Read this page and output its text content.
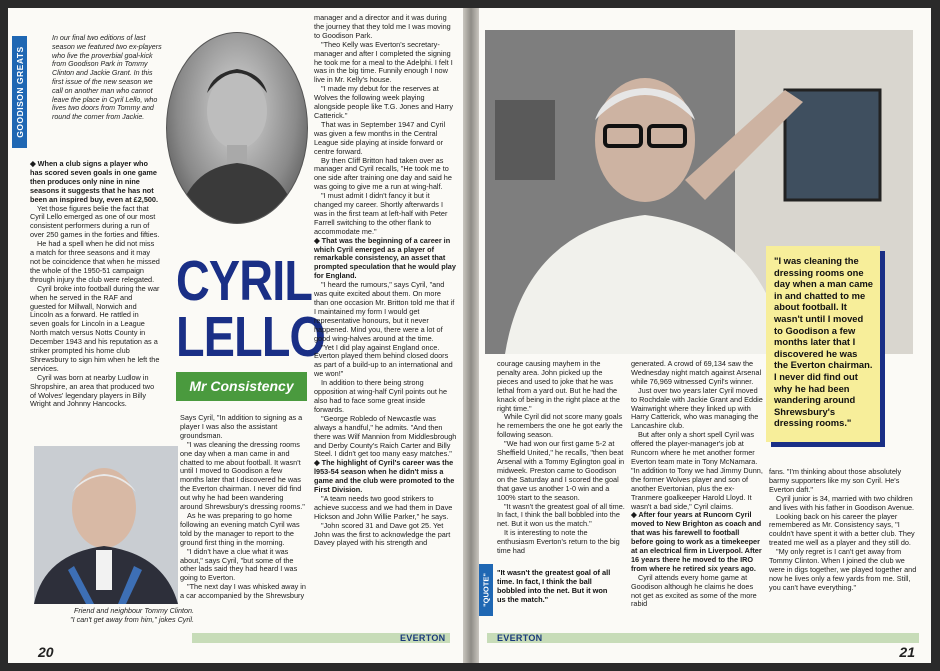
GOODISON GREATS
In our final two editions of last season we featured two ex-players who live the proverbial goal-kick from Goodison Park in Tommy Clinton and Jackie Grant. In this first issue of the new season we call on another man who cannot leave the place in Cyril Lello, who lives two doors from Tommy and round the corner from Jackie.
CYRIL
LELLO
Mr Consistency

◆ When a club signs a player who has scored seven goals in one game then produces only nine in nine seasons it suggests that he has not been an inspired buy, even at £2,500.

Yet those figures belie the fact that Cyril Lello emerged as one of our most consistent performers during a run of over 250 games in the forties and fifties.

He had a spell when he did not miss a match for three seasons and it may not be coincidence that when he missed the whole of the 1950-51 campaign through injury the club were relegated.

Cyril broke into football during the war when he served in the RAF and guested for Millwall, Norwich and Lincoln as a forward. He rattled in seven goals for Lincoln in a League North match versus Notts County in December 1943 and his reputation as a striker prompted his home club Shrewsbury to sign him when he left the services.

Cyril was born at nearby Ludlow in Shropshire, an area that produced two of Wolves' legendary players in Billy Wright and Johnny Hancocks.

Friend and neighbour Tommy Clinton.
"I can't get away from him," jokes Cyril.

Says Cyril, "In addition to signing as a player I was also the assistant groundsman.

"I was cleaning the dressing rooms one day when a man came in and chatted to me about football. It wasn't until I moved to Goodison a few months later that I discovered he was the Everton chairman. I never did find out why he had been wandering around Shrewsbury's dressing rooms."

As he was preparing to go home following an evening match Cyril was told by the manager to report to the ground first thing in the morning.

"I didn't have a clue what it was about," says Cyril, "but some of the other lads said they had heard I was going to Everton.

"The next day I was whisked away in a car accompanied by the Shrewsbury

manager and a director and it was during the journey that they told me I was moving to Goodison Park.

"Theo Kelly was Everton's secretary-manager and after I completed the signing he took me for a meal to the Adelphi. I felt I was in the big time. Funnily enough I now live in Mr. Kelly's house.

"I made my debut for the reserves at Wolves the following week playing alongside people like T.G. Jones and Harry Catterick."

That was in September 1947 and Cyril was given a few months in the Central League side playing at inside forward or centre forward.

By then Cliff Britton had taken over as manager and Cyril recalls, "He took me to one side after training one day and said he was going to give me a run at wing-half.

"I must admit I didn't fancy it but it changed my career. Shortly afterwards I was in the first team at left-half with Peter Farrell switching to the other flank to accommodate me."

◆ That was the beginning of a career in which Cyril emerged as a player of remarkable consistency, an asset that prompted speculation that he would play for England.

"I heard the rumours," says Cyril, "and was quite excited about them. On more than one occasion Mr. Britton told me that if I maintained my form I would get representative honours, but it never happened. Mind you, there were a lot of good wing-halves around at the time.

"Yet I did play against England once. Everton played them behind closed doors as part of a build-up to an international and we won!"

In addition to there being strong opposition at wing-half Cyril points out he also had to face some great inside forwards.

"George Robledo of Newcastle was always a handful," he admits. "And then there was Wilf Mannion from Middlesbrough and Derby County's Raich Carter and Billy Steel. I didn't get too many easy matches."

◆ The highlight of Cyril's career was the l953-54 season when he didn't miss a game and the club were promoted to the First Division.

"A team needs two good strikers to achieve success and we had them in Dave Hickson and John Willie Parker," he says.

"John scored 31 and Dave got 25. Yet John was the first to acknowledge the part Davey played with his strength and

EVERTON
20
"I was cleaning the dressing rooms one day when a man came in and chatted to me about football. It wasn't until I moved to Goodison a few months later that I discovered he was the Everton chairman. I never did find out why he had been wandering around Shrewsbury's dressing rooms."

courage causing mayhem in the penalty area. John picked up the pieces and used to joke that he was lethal from a yard out. But he had the knack of being in the right place at the right time."

While Cyril did not score many goals he remembers the one he got early the following season.

"We had won our first game 5-2 at Sheffield United," he recalls, "then beat Arsenal with a Tommy Eglington goal in midweek. Preston came to Goodison on the Saturday and I scored the goal that gave us another 1-0 win and a 100% start to the season.

"It wasn't the greatest goal of all time. In fact, I think the ball bobbled into the net. But it won us the match."

It is interesting to note the enthusiasm Everton's return to the big time had

"QUOTE"
"It wasn't the greatest goal of all time. In fact, I think the ball bobbled into the net. But it won us the match."

generated. A crowd of 69,134 saw the Wednesday night match against Arsenal while 76,969 witnessed Cyril's winner.

Just over two years later Cyril moved to Rochdale with Jackie Grant and Eddie Wainwright where they linked up with Harry Catterick, who was managing the Lancashire club.

But after only a short spell Cyril was offered the player-manager's job at Runcorn where he met another former Everton team mate in Tony McNamara. "In addition to Tony we had Jimmy Dunn, the former Wolves player and son of another Evertonian, plus the ex-Tranmere goalkeeper Harold Lloyd. It wasn't a bad side," Cyril claims.

◆ After four years at Runcorn Cyril moved to New Brighton as coach and that was his farewell to football before going to work as a timekeeper at an electrical firm in Liverpool. After 16 years there he moved to the IRO from where he retired six years ago.

Cyril attends every home game at Goodison although he claims he does not get as excited as some of the more rabid

fans. "I'm thinking about those absolutely barmy supporters like my son Cyril. He's Everton daft."

Cyril junior is 34, married with two children and lives with his father in Goodison Avenue.

Looking back on his career the player remembered as Mr. Consistency says, "I couldn't have spent it with a better club. They treated me well as a player and they still do.

"My only regret is I can't get away from Tommy Clinton. When I joined the club we were in digs together, we played together and now he lives only a few yards from me. Still, you can't have everything."

EVERTON
21
